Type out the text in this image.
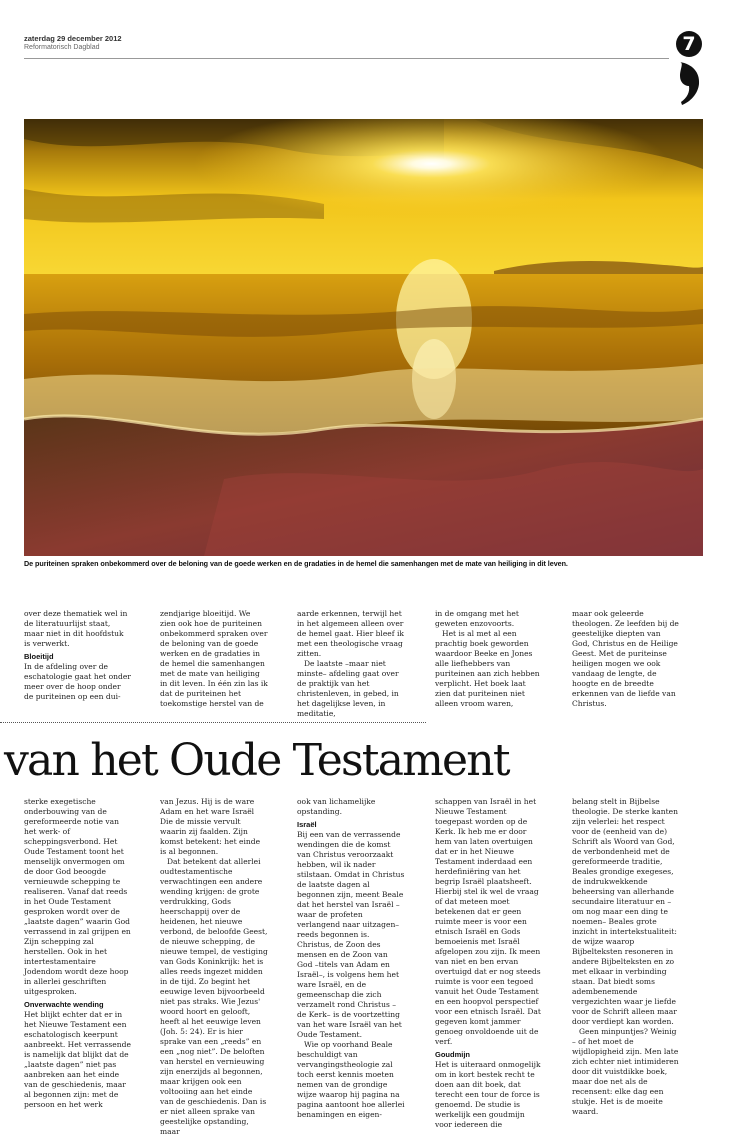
zaterdag 29 december 2012
Reformatorisch Dagblad	7
De puriteinen spraken onbekommerd over de beloning van de goede werken en de gradaties in de hemel die samenhangen met de mate van heiliging in dit leven.

over deze thematiek wel in de literatuurlijst staat, maar niet in dit hoofdstuk is verwerkt.

Bloeitijd

In de afdeling over de eschatologie gaat het onder meer over de hoop onder de puriteinen op een dui-

zendjarige bloeitijd. We zien ook hoe de puriteinen onbekommerd spraken over de beloning van de goede werken en de gradaties in de hemel die samenhangen met de mate van heiliging in dit leven. In één zin las ik dat de puriteinen het toekomstige herstel van de

aarde erkennen, terwijl het in het algemeen alleen over de hemel gaat. Hier bleef ik met een theologische vraag zitten.

De laatste –maar niet minste– afdeling gaat over de praktijk van het christenleven, in gebed, in het dagelijkse leven, in meditatie,

in de omgang met het geweten enzovoorts.

Het is al met al een prachtig boek geworden waardoor Beeke en Jones alle liefhebbers van puriteinen aan zich hebben verplicht. Het boek laat zien dat puriteinen niet alleen vroom waren,

maar ook geleerde theologen. Ze leefden bij de geestelijke diepten van God, Christus en de Heilige Geest. Met de puriteinse heiligen mogen we ook vandaag de lengte, de hoogte en de breedte erkennen van de liefde van Christus.

van het Oude Testament

sterke exegetische onderbouwing van de gereformeerde notie van het werk- of scheppingsverbond. Het Oude Testament toont het menselijk onvermogen om de door God beoogde vernieuwde schepping te realiseren. Vanaf dat reeds in het Oude Testament gesproken wordt over de „laatste dagen” waarin God verrassend in zal grijpen en Zijn schepping zal herstellen. Ook in het intertestamentaire Jodendom wordt deze hoop in allerlei geschriften uitgesproken.

Onverwachte wending

Het blijkt echter dat er in het Nieuwe Testament een eschatologisch keerpunt aanbreekt. Het verrassende is namelijk dat blijkt dat de „laatste dagen” niet pas aanbreken aan het einde van de geschiedenis, maar al begonnen zijn: met de persoon en het werk

van Jezus. Hij is de ware Adam en het ware Israël Die de missie vervult waarin zij faalden. Zijn komst betekent: het einde is al begonnen.

Dat betekent dat allerlei oudtestamentische verwachtingen een andere wending krijgen: de grote verdrukking, Gods heerschappij over de heidenen, het nieuwe verbond, de beloofde Geest, de nieuwe schepping, de nieuwe tempel, de vestiging van Gods Koninkrijk: het is alles reeds ingezet midden in de tijd. Zo begint het eeuwige leven bijvoorbeeld niet pas straks. Wie Jezus' woord hoort en gelooft, heeft al het eeuwige leven (Joh. 5: 24). Er is hier sprake van een „reeds” en een „nog niet”. De beloften van herstel en vernieuwing zijn enerzijds al begonnen, maar krijgen ook een voltooiing aan het einde van de geschiedenis. Dan is er niet alleen sprake van geestelijke opstanding, maar

ook van lichamelijke opstanding.

Israël

Bij een van de verrassende wendingen die de komst van Christus veroorzaakt hebben, wil ik nader stilstaan. Omdat in Christus de laatste dagen al begonnen zijn, meent Beale dat het herstel van Israël –waar de profeten verlangend naar uitzagen– reeds begonnen is. Christus, de Zoon des mensen en de Zoon van God –titels van Adam en Israël–, is volgens hem het ware Israël, en de gemeenschap die zich verzamelt rond Christus –de Kerk– is de voortzetting van het ware Israël van het Oude Testament.

Wie op voorhand Beale beschuldigt van vervangingstheologie zal toch eerst kennis moeten nemen van de grondige wijze waarop hij pagina na pagina aantoont hoe allerlei benamingen en eigen-

schappen van Israël in het Nieuwe Testament toegepast worden op de Kerk. Ik heb me er door hem van laten overtuigen dat er in het Nieuwe Testament inderdaad een herdefiniëring van het begrip Israël plaatsheeft. Hierbij stel ik wel de vraag of dat meteen moet betekenen dat er geen ruimte meer is voor een etnisch Israël en Gods bemoeienis met Israël afgelopen zou zijn. Ik meen van niet en ben ervan overtuigd dat er nog steeds ruimte is voor een tegoed vanuit het Oude Testament en een hoopvol perspectief voor een etnisch Israël. Dat gegeven komt jammer genoeg onvoldoende uit de verf.

Goudmijn

Het is uiteraard onmogelijk om in kort bestek recht te doen aan dit boek, dat terecht een tour de force is genoemd. De studie is werkelijk een goudmijn voor iedereen die

belang stelt in Bijbelse theologie. De sterke kanten zijn velerlei: het respect voor de (eenheid van de) Schrift als Woord van God, de verbondenheid met de gereformeerde traditie, Beales grondige exegeses, de indrukwekkende beheersing van allerhande secundaire literatuur en –om nog maar een ding te noemen– Beales grote inzicht in intertekstualiteit: de wijze waarop Bijbelteksten resoneren in andere Bijbelteksten en zo met elkaar in verbinding staan. Dat biedt soms adembenemende vergezichten waar je liefde voor de Schrift alleen maar door verdiept kan worden.

Geen minpuntjes? Weinig – of het moet de wijdlopigheid zijn. Men late zich echter niet intimideren door dit vuistdikke boek, maar doe net als de recensent: elke dag een stukje. Het is de moeite waard.
